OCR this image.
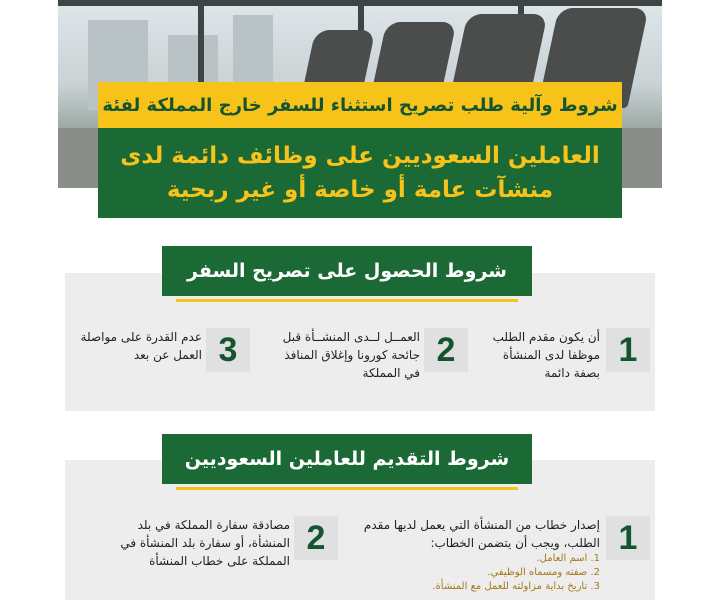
شروط وآلية طلب تصريح استثناء للسفر خارج المملكة لفئة
العاملين السعوديين على وظائف دائمة لدى
منشآت عامة أو خاصة أو غير ربحية
شروط الحصول على تصريح السفر
1
أن يكون مقدم الطلب موظفا لدى المنشأة بصفة دائمة
2
العمــل لــدى المنشــأة قبل جائحة كورونا وإغلاق المنافذ في المملكة
3
عدم القدرة على مواصلة العمل عن بعد
شروط التقديم للعاملين السعوديين
1
إصدار خطاب من المنشأة التي يعمل لديها مقدم الطلب، ويجب أن يتضمن الخطاب:
1. اسم العامل.
2. صفته ومسماه الوظيفي.
3. تاريخ بداية مزاولته للعمل مع المنشأة.
2
مصادقة سفارة المملكة في بلد المنشأة، أو سفارة بلد المنشأة في المملكة على خطاب المنشأة
